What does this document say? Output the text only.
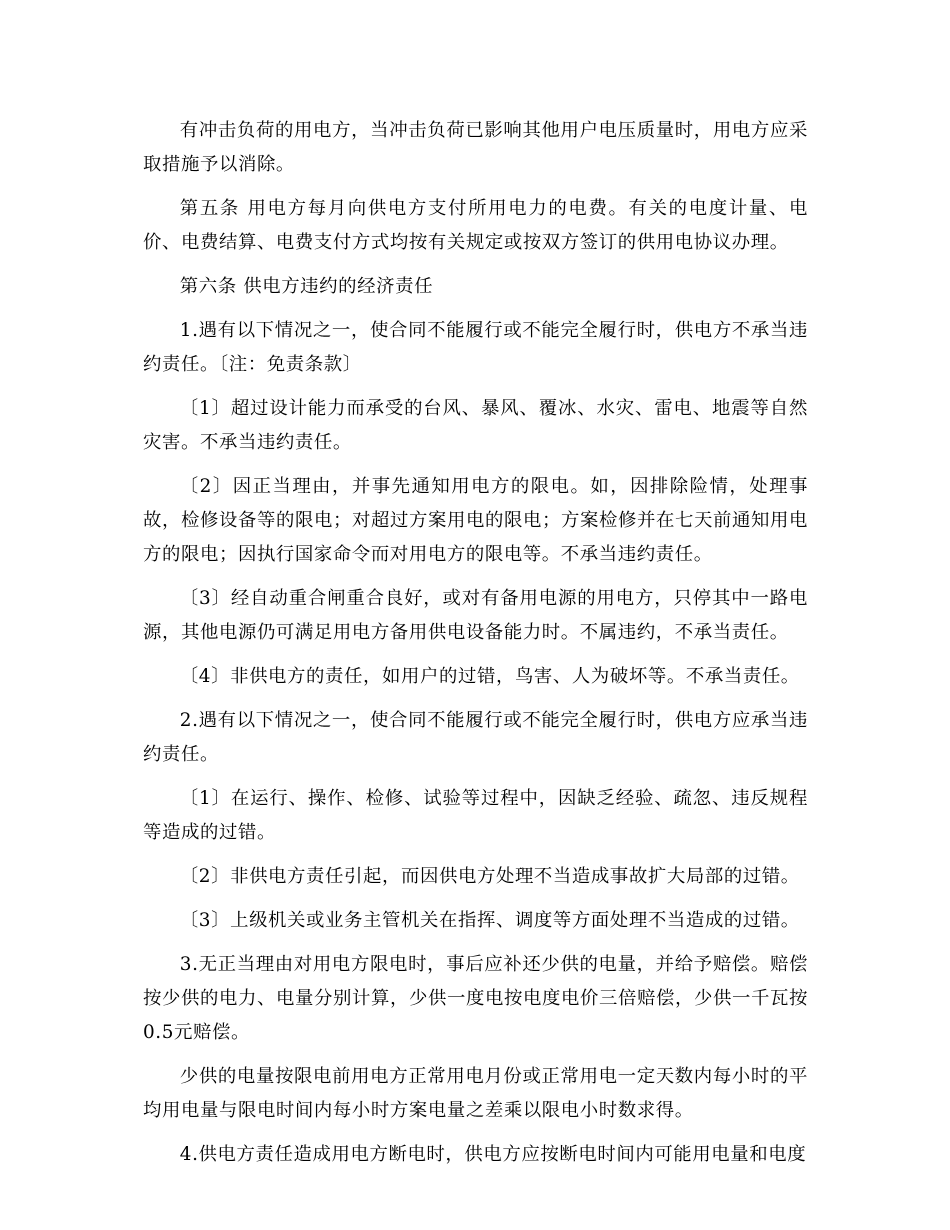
有冲击负荷的用电方，当冲击负荷已影响其他用户电压质量时，用电方应采取措施予以消除。

第五条 用电方每月向供电方支付所用电力的电费。有关的电度计量、电价、电费结算、电费支付方式均按有关规定或按双方签订的供用电协议办理。

第六条 供电方违约的经济责任

1.遇有以下情况之一，使合同不能履行或不能完全履行时，供电方不承当违约责任。〔注：免责条款〕

〔1〕超过设计能力而承受的台风、暴风、覆冰、水灾、雷电、地震等自然灾害。不承当违约责任。

〔2〕因正当理由，并事先通知用电方的限电。如，因排除险情，处理事故，检修设备等的限电；对超过方案用电的限电；方案检修并在七天前通知用电方的限电；因执行国家命令而对用电方的限电等。不承当违约责任。

〔3〕经自动重合闸重合良好，或对有备用电源的用电方，只停其中一路电源，其他电源仍可满足用电方备用供电设备能力时。不属违约，不承当责任。

〔4〕非供电方的责任，如用户的过错，鸟害、人为破坏等。不承当责任。

2.遇有以下情况之一，使合同不能履行或不能完全履行时，供电方应承当违约责任。

〔1〕在运行、操作、检修、试验等过程中，因缺乏经验、疏忽、违反规程等造成的过错。

〔2〕非供电方责任引起，而因供电方处理不当造成事故扩大局部的过错。

〔3〕上级机关或业务主管机关在指挥、调度等方面处理不当造成的过错。

3.无正当理由对用电方限电时，事后应补还少供的电量，并给予赔偿。赔偿按少供的电力、电量分别计算，少供一度电按电度电价三倍赔偿，少供一千瓦按0.5元赔偿。

少供的电量按限电前用电方正常用电月份或正常用电一定天数内每小时的平均用电量与限电时间内每小时方案电量之差乘以限电小时数求得。

4.供电方责任造成用电方断电时，供电方应按断电时间内可能用电量和电度
